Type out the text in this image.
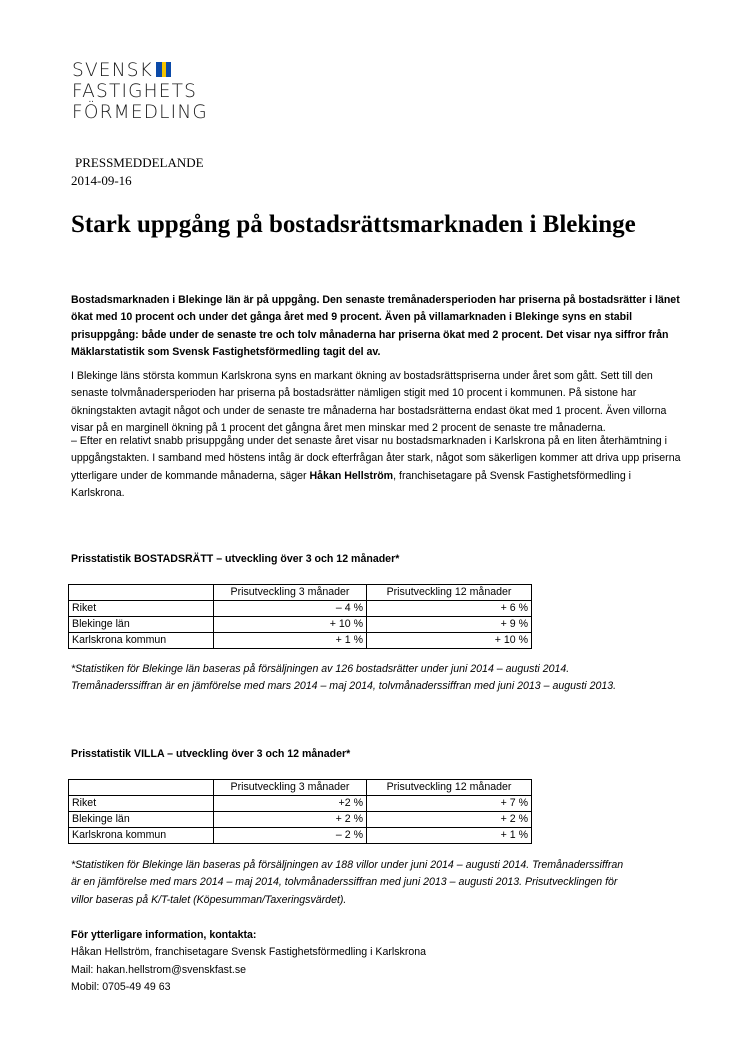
SVENSK
FASTIGHETS
FÖRMEDLING
PRESSMEDDELANDE
2014-09-16
Stark uppgång på bostadsrättsmarknaden i Blekinge
Bostadsmarknaden i Blekinge län är på uppgång. Den senaste tremånadersperioden har priserna på bostadsrätter i länet ökat med 10 procent och under det gånga året med 9 procent. Även på villamarknaden i Blekinge syns en stabil prisuppgång: både under de senaste tre och tolv månaderna har priserna ökat med 2 procent. Det visar nya siffror från Mäklarstatistik som Svensk Fastighetsförmedling tagit del av.
I Blekinge läns största kommun Karlskrona syns en markant ökning av bostadsrättspriserna under året som gått. Sett till den senaste tolvmånadersperioden har priserna på bostadsrätter nämligen stigit med 10 procent i kommunen. På sistone har ökningstakten avtagit något och under de senaste tre månaderna har bostadsrätterna endast ökat med 1 procent. Även villorna visar på en marginell ökning på 1 procent det gångna året men minskar med 2 procent de senaste tre månaderna.
– Efter en relativt snabb prisuppgång under det senaste året visar nu bostadsmarknaden i Karlskrona på en liten återhämtning i uppgångstakten. I samband med höstens intåg är dock efterfrågan åter stark, något som säkerligen kommer att driva upp priserna ytterligare under de kommande månaderna, säger Håkan Hellström, franchisetagare på Svensk Fastighetsförmedling i Karlskrona.
Prisstatistik BOSTADSRÄTT – utveckling över 3 och 12 månader*
	Prisutveckling 3 månader	Prisutveckling 12 månader
Riket	– 4 %	+ 6 %
Blekinge län	+ 10 %	+ 9 %
Karlskrona kommun	+ 1 %	+ 10 %
*Statistiken för Blekinge län baseras på försäljningen av 126 bostadsrätter under juni 2014 – augusti 2014. Tremånaderssiffran är en jämförelse med mars 2014 – maj 2014, tolvmånaderssiffran med juni 2013 – augusti 2013.
Prisstatistik VILLA – utveckling över 3 och 12 månader*
	Prisutveckling 3 månader	Prisutveckling 12 månader
Riket	+2 %	+ 7 %
Blekinge län	+ 2 %	+ 2 %
Karlskrona kommun	– 2 %	+ 1 %
*Statistiken för Blekinge län baseras på försäljningen av 188 villor under juni 2014 – augusti 2014. Tremånaderssiffran är en jämförelse med mars 2014 – maj 2014, tolvmånaderssiffran med juni 2013 – augusti 2013. Prisutvecklingen för villor baseras på K/T-talet (Köpesumman/Taxeringsvärdet).
För ytterligare information, kontakta:
Håkan Hellström, franchisetagare Svensk Fastighetsförmedling i Karlskrona
Mail: hakan.hellstrom@svenskfast.se
Mobil: 0705-49 49 63
